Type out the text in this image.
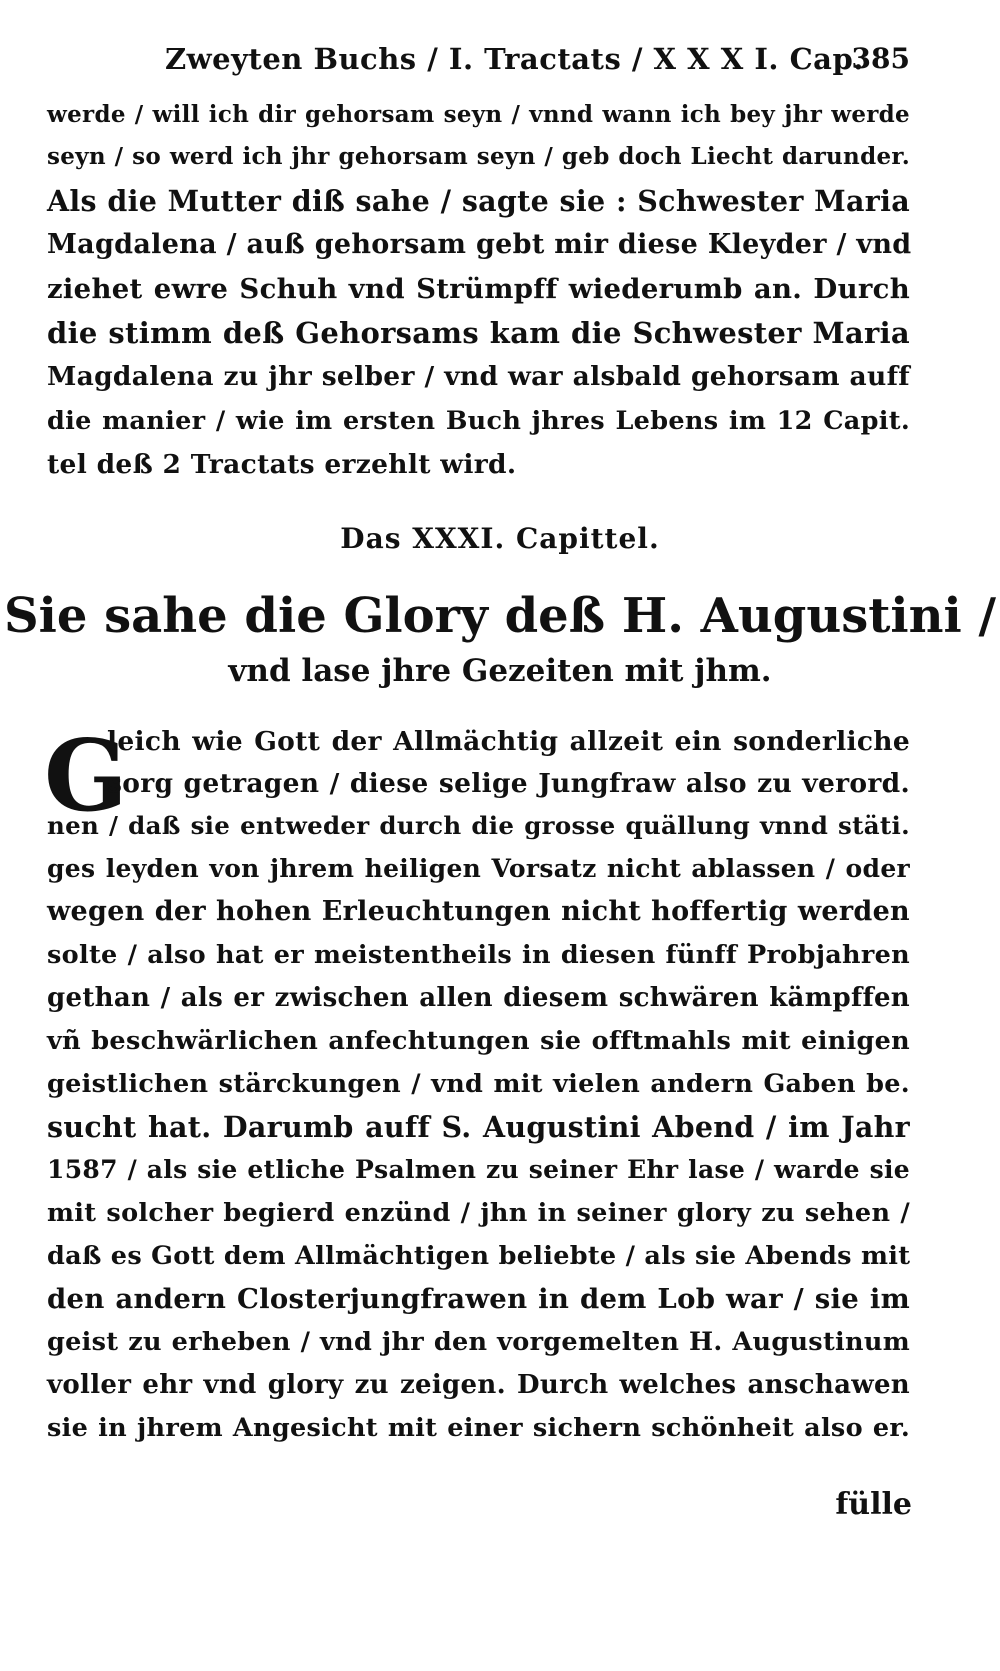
Zweyten Buchs / I. Tractats / X X X I. Cap.
385
werde / will ich dir gehorsam seyn / vnnd wann ich bey jhr werde
seyn / so werd ich jhr gehorsam seyn / geb doch Liecht darunder.
Als die Mutter diß sahe / sagte sie : Schwester Maria
Magdalena / auß gehorsam gebt mir diese Kleyder / vnd
ziehet ewre Schuh vnd Strümpff wiederumb an. Durch
die stimm deß Gehorsams kam die Schwester Maria
Magdalena zu jhr selber / vnd war alsbald gehorsam auff
die manier / wie im ersten Buch jhres Lebens im 12 Capit.
tel deß 2 Tractats erzehlt wird.
Das XXXI. Capittel.
Sie sahe die Glory deß H. Augustini /
vnd lase jhre Gezeiten mit jhm.
G
leich wie Gott der Allmächtig allzeit ein sonderliche
sorg getragen / diese selige Jungfraw also zu verord.
nen / daß sie entweder durch die grosse quällung vnnd stäti.
ges leyden von jhrem heiligen Vorsatz nicht ablassen / oder
wegen der hohen Erleuchtungen nicht hoffertig werden
solte / also hat er meistentheils in diesen fünff Probjahren
gethan / als er zwischen allen diesem schwären kämpffen
vñ beschwärlichen anfechtungen sie offtmahls mit einigen
geistlichen stärckungen / vnd mit vielen andern Gaben be.
sucht hat. Darumb auff S. Augustini Abend / im Jahr
1587 / als sie etliche Psalmen zu seiner Ehr lase / warde sie
mit solcher begierd enzünd / jhn in seiner glory zu sehen /
daß es Gott dem Allmächtigen beliebte / als sie Abends mit
den andern Closterjungfrawen in dem Lob war / sie im
geist zu erheben / vnd jhr den vorgemelten H. Augustinum
voller ehr vnd glory zu zeigen. Durch welches anschawen
sie in jhrem Angesicht mit einer sichern schönheit also er.
fülle
